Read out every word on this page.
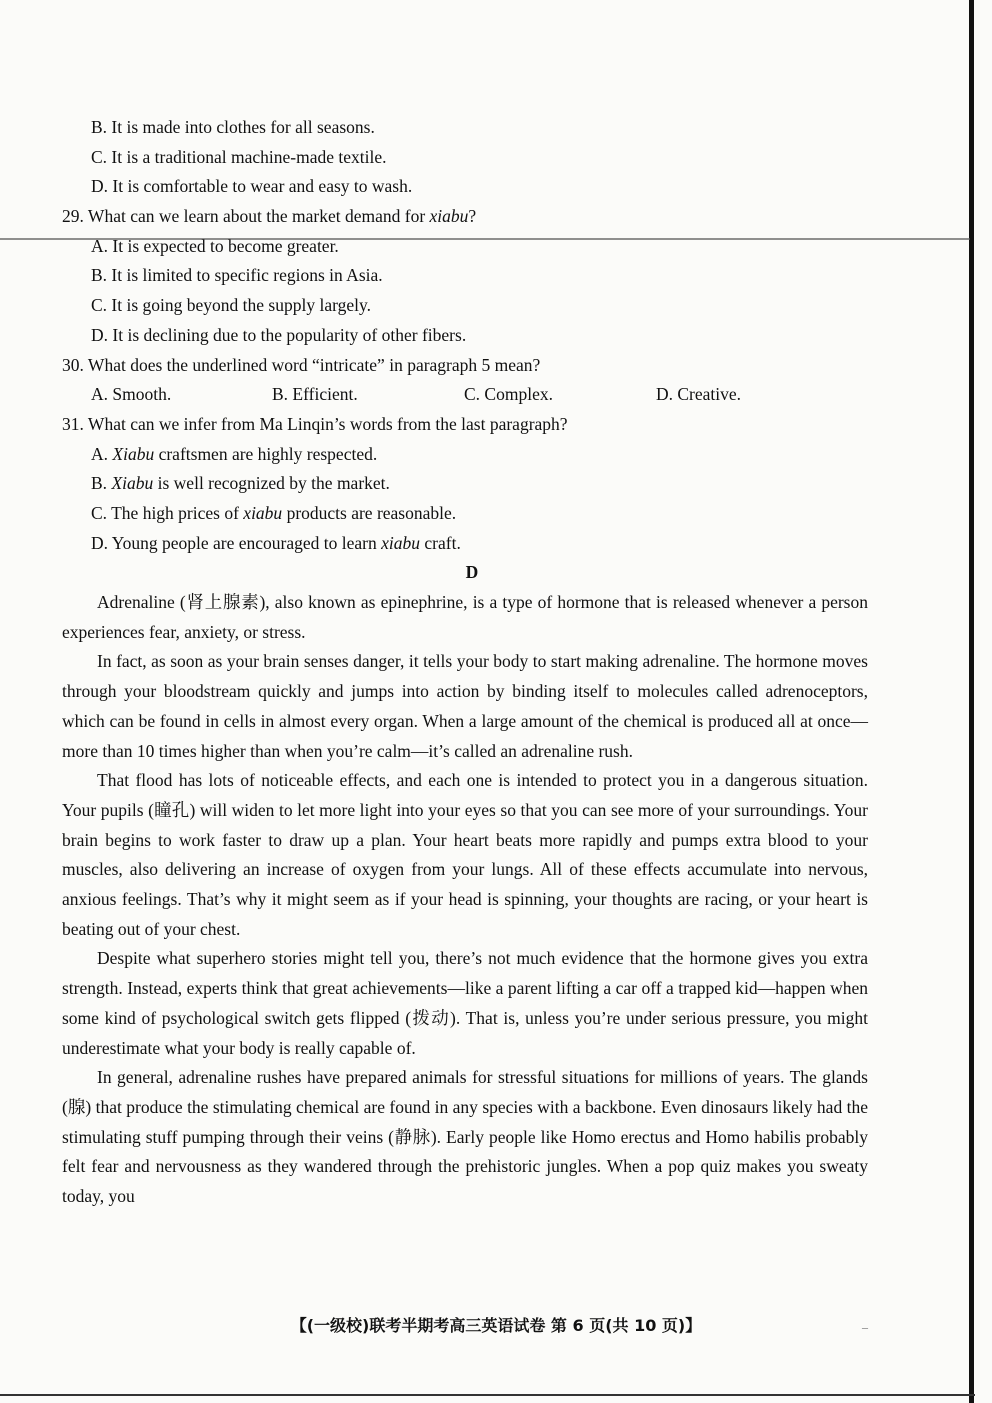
B. It is made into clothes for all seasons.
C. It is a traditional machine-made textile.
D. It is comfortable to wear and easy to wash.
29. What can we learn about the market demand for xiabu?
A. It is expected to become greater.
B. It is limited to specific regions in Asia.
C. It is going beyond the supply largely.
D. It is declining due to the popularity of other fibers.
30. What does the underlined word “intricate” in paragraph 5 mean?
A. Smooth.	B. Efficient.	C. Complex.	D. Creative.
31. What can we infer from Ma Linqin’s words from the last paragraph?
A. Xiabu craftsmen are highly respected.
B. Xiabu is well recognized by the market.
C. The high prices of xiabu products are reasonable.
D. Young people are encouraged to learn xiabu craft.
D

Adrenaline (肾上腺素), also known as epinephrine, is a type of hormone that is released whenever a person experiences fear, anxiety, or stress.

In fact, as soon as your brain senses danger, it tells your body to start making adrenaline. The hormone moves through your bloodstream quickly and jumps into action by binding itself to molecules called adrenoceptors, which can be found in cells in almost every organ. When a large amount of the chemical is produced all at once—more than 10 times higher than when you’re calm—it’s called an adrenaline rush.

That flood has lots of noticeable effects, and each one is intended to protect you in a dangerous situation. Your pupils (瞳孔) will widen to let more light into your eyes so that you can see more of your surroundings. Your brain begins to work faster to draw up a plan. Your heart beats more rapidly and pumps extra blood to your muscles, also delivering an increase of oxygen from your lungs. All of these effects accumulate into nervous, anxious feelings. That’s why it might seem as if your head is spinning, your thoughts are racing, or your heart is beating out of your chest.

Despite what superhero stories might tell you, there’s not much evidence that the hormone gives you extra strength. Instead, experts think that great achievements—like a parent lifting a car off a trapped kid—happen when some kind of psychological switch gets flipped (拨动). That is, unless you’re under serious pressure, you might underestimate what your body is really capable of.

In general, adrenaline rushes have prepared animals for stressful situations for millions of years. The glands (腺) that produce the stimulating chemical are found in any species with a backbone. Even dinosaurs likely had the stimulating stuff pumping through their veins (静脉). Early people like Homo erectus and Homo habilis probably felt fear and nervousness as they wandered through the prehistoric jungles. When a pop quiz makes you sweaty today, you

【(一级校)联考半期考高三英语试卷 第 6 页(共 10 页)】	–
